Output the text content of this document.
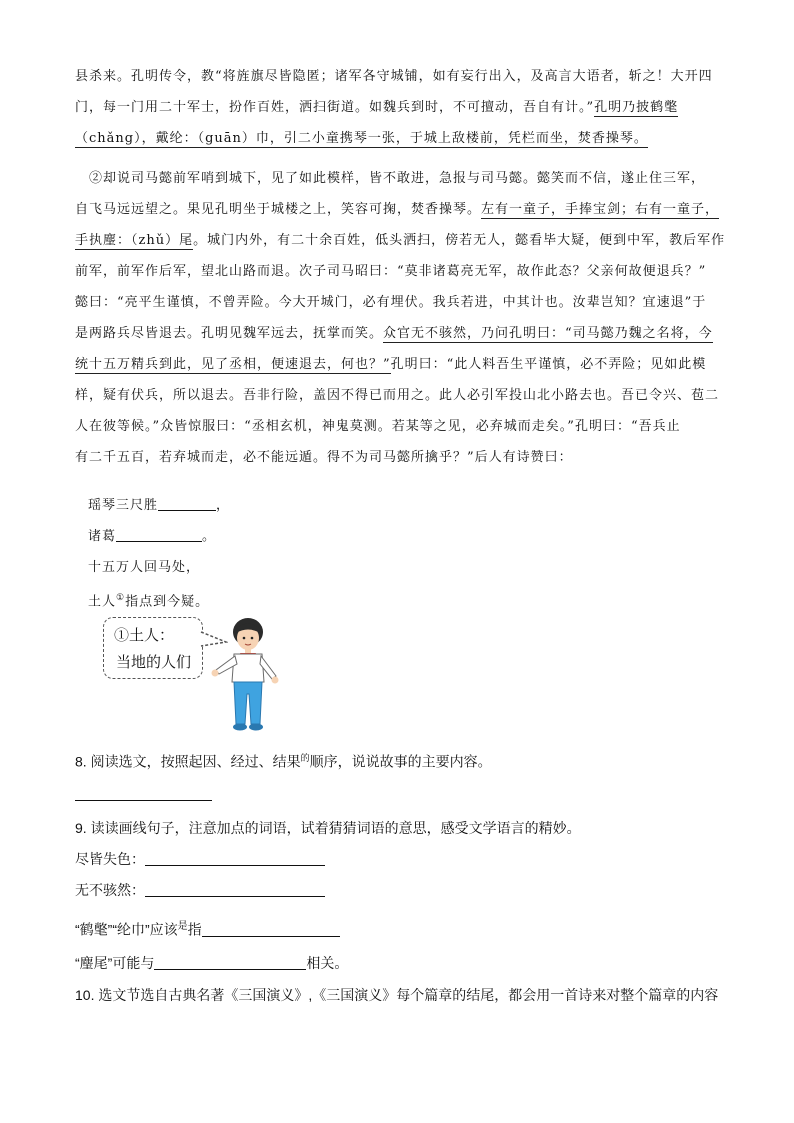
县杀来。孔明传令，教“将旌旗尽皆隐匿；诸军各守城铺，如有妄行出入，及高言大语者，斩之！大开四
门，每一门用二十军士，扮作百姓，洒扫街道。如魏兵到时，不可擅动，吾自有计。”孔明乃披鹤氅
（chǎng），戴纶：（guān）巾，引二小童携琴一张，于城上敌楼前，凭栏而坐，焚香操琴。
②却说司马懿前军哨到城下，见了如此模样，皆不敢进，急报与司马懿。懿笑而不信，遂止住三军，
自飞马远远望之。果见孔明坐于城楼之上，笑容可掬，焚香操琴。左有一童子，手捧宝剑；右有一童子，
手执麈：（zhǔ）尾。城门内外，有二十余百姓，低头洒扫，傍若无人，懿看毕大疑，便到中军，教后军作
前军，前军作后军，望北山路而退。次子司马昭曰：“莫非诸葛亮无军，故作此态？父亲何故便退兵？”
懿曰：“亮平生谨慎，不曾弄险。今大开城门，必有埋伏。我兵若进，中其计也。汝辈岂知？宜速退”于
是两路兵尽皆退去。孔明见魏军远去，抚掌而笑。众官无不骇然，乃问孔明曰：“司马懿乃魏之名将，今
统十五万精兵到此，见了丞相，便速退去，何也？”孔明曰：“此人料吾生平谨慎，必不弄险；见如此模
样，疑有伏兵，所以退去。吾非行险，盖因不得已而用之。此人必引军投山北小路去也。吾已令兴、苞二
人在彼等候。”众皆惊服曰：“丞相玄机，神鬼莫测。若某等之见，必弃城而走矣。”孔明曰：“吾兵止
有二千五百，若弃城而走，必不能远遁。得不为司马懿所擒乎？”后人有诗赞曰：
瑶琴三尺胜	，
诸葛	。
十五万人回马处，
土人①指点到今疑。
①土人：
当地的人们
8. 阅读选文，按照起因、经过、结果$^的$顺序，说说故事的主要内容。
9. 读读画线句子，注意加点的词语，试着猜猜词语的意思，感受文学语言的精妙。
尽皆失色：
无不骇然：
“鹤氅”“纶巾”应该$^是$指
“麈尾”可能与	相关。
10. 选文节选自古典名著《三国演义》,《三国演义》每个篇章的结尾，都会用一首诗来对整个篇章的内容
